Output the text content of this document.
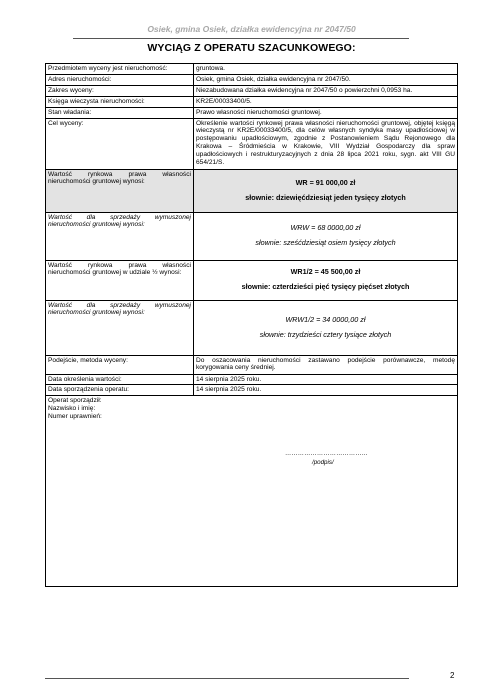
Osiek, gmina Osiek, działka ewidencyjna nr 2047/50
WYCIĄG Z OPERATU SZACUNKOWEGO:
Przedmiotem wyceny jest nieruchomość:	gruntowa.
Adres nieruchomości:	Osiek, gmina Osiek, działka ewidencyjna nr 2047/50.
Zakres wyceny:	Niezabudowana działka ewidencyjna nr 2047/50 o powierzchni 0,0953 ha.
Księga wieczysta nieruchomości:	KR2E/00033400/5.
Stan władania:	Prawo własności nieruchomości gruntowej.
Cel wyceny:	Określenie wartości rynkowej prawa własności nieruchomości gruntowej, objętej księgą wieczystą nr KR2E/00033400/5, dla celów własnych syndyka masy upadłościowej w postępowaniu upadłościowym, zgodnie z Postanowieniem Sądu Rejonowego dla Krakowa – Śródmieścia w Krakowie, VIII Wydział Gospodarczy dla spraw upadłościowych i restrukturyzacyjnych z dnia 28 lipca 2021 roku, sygn. akt VIII GU 654/21/S.
Wartość rynkowa prawa własności nieruchomości gruntowej wynosi:	WR = 91 000,00 zł
słownie: dziewięćdziesiąt jeden tysięcy złotych

Wartość dla sprzedaży wymuszonej nieruchomości gruntowej wynosi:	WRW = 68 0000,00 zł
słownie: sześćdziesiąt osiem tysięcy złotych

Wartość rynkowa prawa własności nieruchomości gruntowej w udziale ½ wynosi:	WR1/2 = 45 500,00 zł
słownie: czterdzieści pięć tysięcy pięćset złotych

Wartość dla sprzedaży wymuszonej nieruchomości gruntowej wynosi:	WRW1/2 = 34 0000,00 zł
słownie: trzydzieści cztery tysiące złotych

Podejście, metoda wyceny:	Do oszacowania nieruchomości zastawano podejście porównawcze, metodę korygowania ceny średniej.
Data określenia wartości:	14 sierpnia 2025 roku.
Data sporządzenia operatu:	14 sierpnia 2025 roku.

Operat sporządził:
Nazwisko i imię:
Numer uprawnień:
…………………………………
/podpis/	
2
